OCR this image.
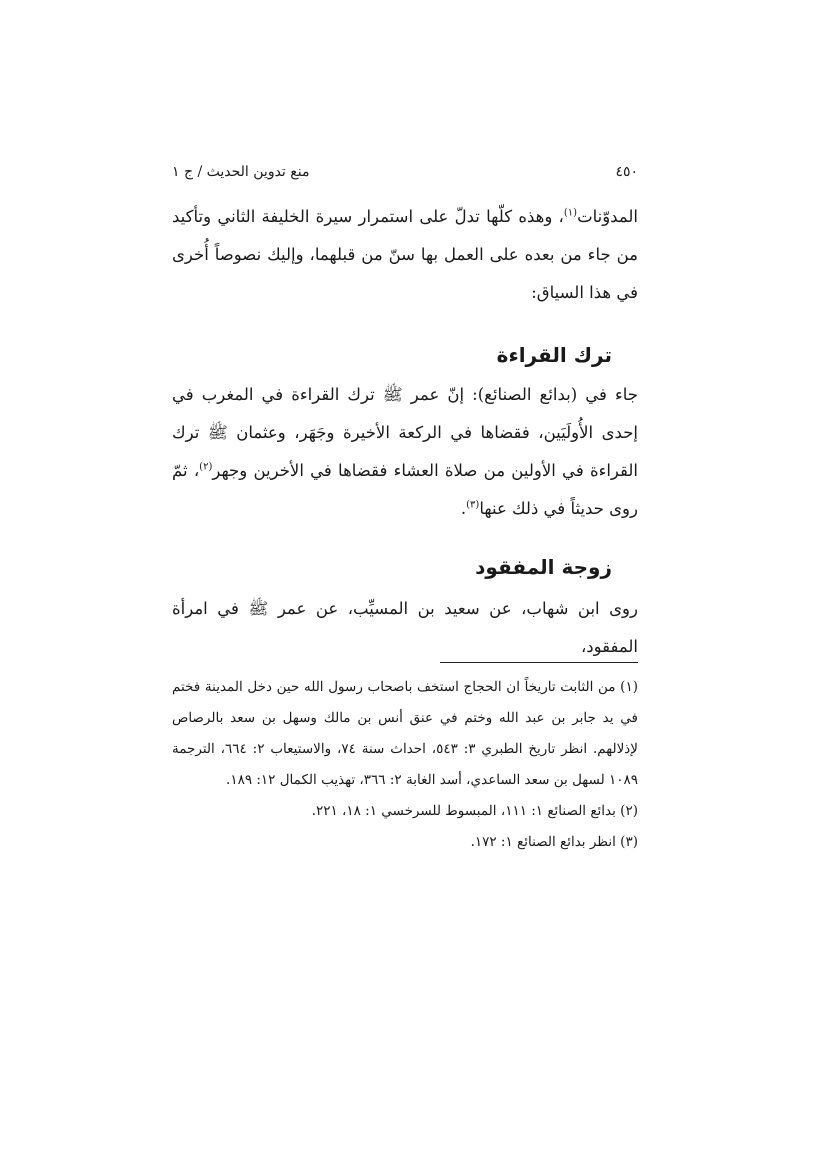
٤٥٠
منع تدوين الحديث / ج ١

المدوّنات$^{(١)}$، وهذه كلّها تدلّ على استمرار سيرة الخليفة الثاني وتأكيد من جاء من بعده على العمل بها سنّ من قبلهما، وإليك نصوصاً أُخرى في هذا السياق:

ترك القراءة

جاء في (بدائع الصنائع): إنّ عمر ﷺ ترك القراءة في المغرب في إحدى الأُولَيَين، فقضاها في الركعة الأخيرة وجَهَر، وعثمان ﷺ ترك القراءة في الأولين من صلاة العشاء فقضاها في الأخرين وجهر$^{(٢)}$، ثمّ روى حديثاً في ذلك عنها$^{(٣)}$.

زوجة المفقود

روى ابن شهاب، عن سعيد بن المسيِّب، عن عمر ﷺ في امرأة المفقود،

(١) من الثابت تاريخاً ان الحجاج استخف باصحاب رسول الله حين دخل المدينة فختم في يد جابر بن عبد الله وختم في عنق أنس بن مالك وسهل بن سعد بالرصاص لإذلالهم. انظر تاريخ الطبري ٣: ٥٤٣، احداث سنة ٧٤، والاستيعاب ٢: ٦٦٤، الترجمة ١٠٨٩ لسهل بن سعد الساعدي، أسد الغابة ٢: ٣٦٦، تهذيب الكمال ١٢: ١٨٩.

(٢) بدائع الصنائع ١: ١١١، المبسوط للسرخسي ١: ١٨، ٢٢١.

(٣) انظر بدائع الصنائع ١: ١٧٢.
